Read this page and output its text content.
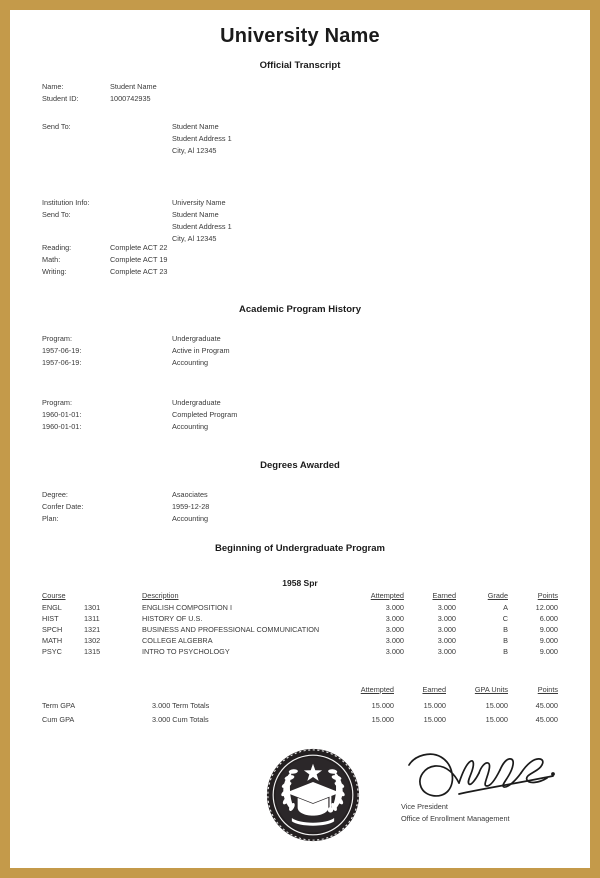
University Name
Official Transcript
Name:	Student Name
Student ID:	1000742935
Send To:	Student Name
Student Address 1
City, Al 12345
Institution Info:
Send To:
University Name
Student Name
Student Address 1
City, Al 12345
Reading:	Complete ACT 22
Math:	Complete ACT 19
Writing:	Complete ACT 23
Academic Program History
Program:	Undergraduate
1957-06-19:	Active in Program
1957-06-19:	Accounting
Program:	Undergraduate
1960-01-01:	Completed Program
1960-01-01:	Accounting
Degrees Awarded
Degree:	Asaociates
Confer Date:	1959-12-28
Plan:	Accounting
Beginning of Undergraduate Program
1958 Spr
Course		Description	Attempted	Earned	Grade	Points
ENGL	1301	ENGLISH COMPOSITION I	3.000	3.000	A	12.000
HIST	1311	HISTORY OF U.S.	3.000	3.000	C	6.000
SPCH	1321	BUSINESS AND PROFESSIONAL COMMUNICATION	3.000	3.000	B	9.000
MATH	1302	COLLEGE ALGEBRA	3.000	3.000	B	9.000
PSYC	1315	INTRO TO PSYCHOLOGY	3.000	3.000	B	9.000
		Attempted	Earned	GPA Units	Points
Term GPA	3.000 Term Totals	15.000	15.000	15.000	45.000
Cum GPA	3.000 Cum Totals	15.000	15.000	15.000	45.000
Vice President
Office of Enrollment Management
